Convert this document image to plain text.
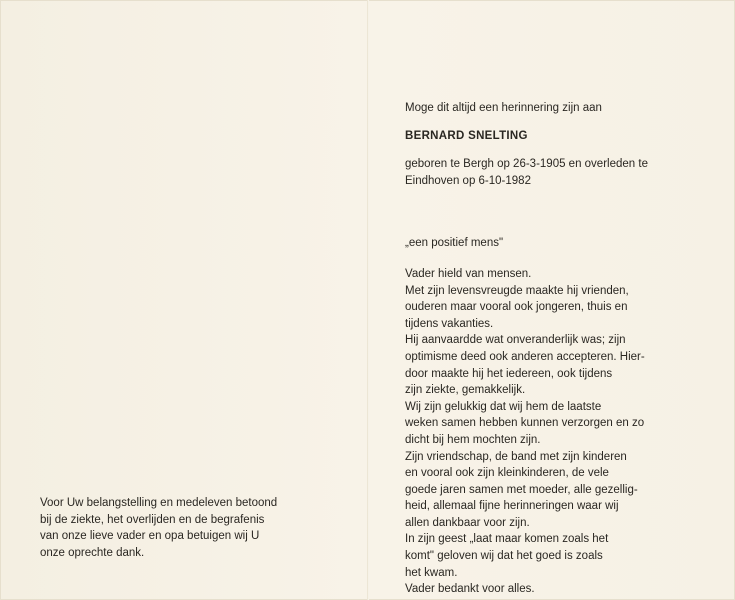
Voor Uw belangstelling en medeleven betoond
bij de ziekte, het overlijden en de begrafenis
van onze lieve vader en opa betuigen wij U
onze oprechte dank.

Moge dit altijd een herinnering zijn aan

BERNARD SNELTING

geboren te Bergh op 26-3-1905 en overleden te
Eindhoven op 6-10-1982

„een positief mens"

Vader hield van mensen.
Met zijn levensvreugde maakte hij vrienden,
ouderen maar vooral ook jongeren, thuis en
tijdens vakanties.
Hij aanvaardde wat onveranderlijk was; zijn
optimisme deed ook anderen accepteren. Hier-
door maakte hij het iedereen, ook tijdens
zijn ziekte, gemakkelijk.
Wij zijn gelukkig dat wij hem de laatste
weken samen hebben kunnen verzorgen en zo
dicht bij hem mochten zijn.
Zijn vriendschap, de band met zijn kinderen
en vooral ook zijn kleinkinderen, de vele
goede jaren samen met moeder, alle gezellig-
heid, allemaal fijne herinneringen waar wij
allen dankbaar voor zijn.
In zijn geest „laat maar komen zoals het
komt" geloven wij dat het goed is zoals
het kwam.
Vader bedankt voor alles.
